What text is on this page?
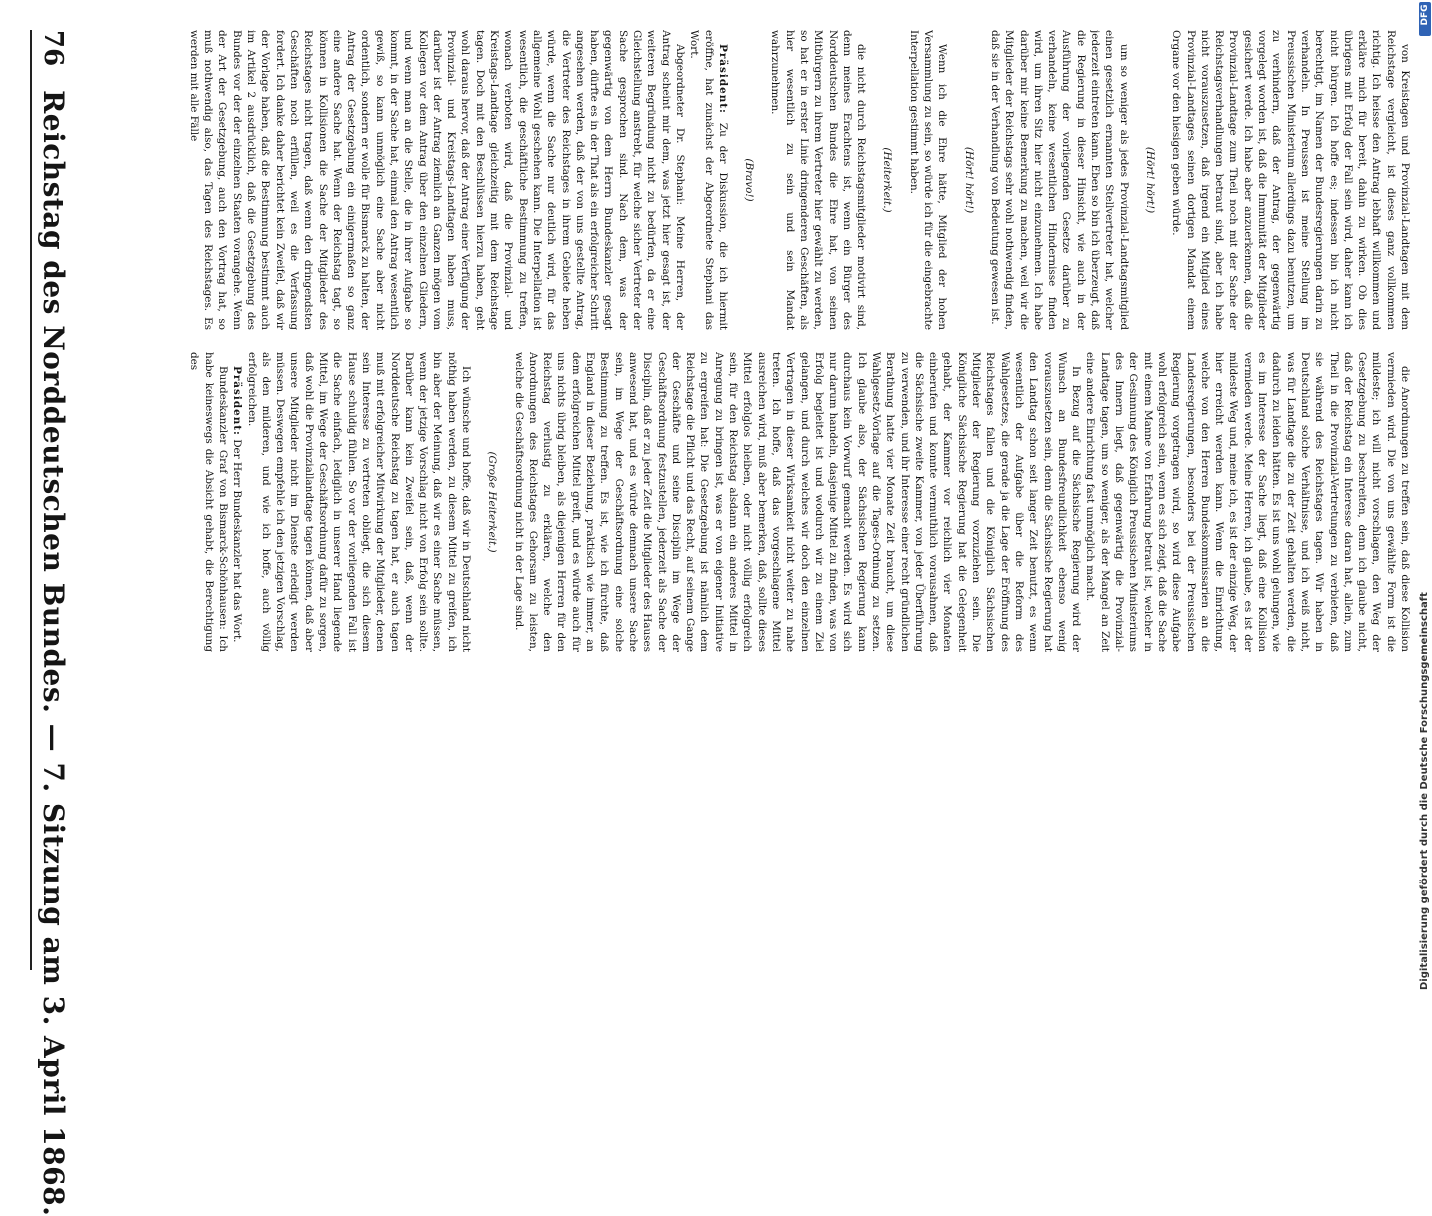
76
Reichstag des Norddeutschen Bundes. — 7. Sitzung am 3. April 1868.	von Kreistagen und Provinzial-Landtagen mit dem Reichstage vergleicht, ist dieses ganz vollkommen richtig. Ich heisse den Antrag lebhaft willkommen und erkläre mich für bereit, dahin zu wirken. Ob dies übrigens mit Erfolg der Fall sein wird, daher kann ich nicht bürgen. Ich hoffe es; indessen bin ich nicht berechtigt, im Namen der Bundesregierungen darin zu verhandeln. In Preussen ist meine Stellung im Preussischen Ministerium allerdings dazu benutzen, um zu verhindern, daß der Antrag, der gegenwärtig vorgelegt worden ist, daß die Immunität der Mitglieder gesichert werde. Ich habe aber anzuerkennen, daß die Provinzial-Landtage zum Theil noch mit der Sache der Reichstagsverhandlungen betraut sind, aber ich habe nicht vorauszusetzen, daß irgend ein Mitglied eines Provinzial-Landtages seinen dortigen Mandat einem Organe vor den hiesigen geben würde.

(Hört! hört!)

um so weniger als jedes Provinzial-Landtagsmitglied einen gesetzlich ernannten Stellvertreter hat, welcher jederzeit eintreten kann. Eben so bin ich überzeugt, daß die Regierung in dieser Hinsicht, wie auch in der Ausführung der vorliegenden Gesetze darüber zu verhandeln, keine wesentlichen Hindernisse finden wird, um ihren Sitz hier nicht einzunehmen. Ich habe darüber mir keine Bemerkung zu machen, weil wir die Mitglieder der Reichstags sehr wohl nothwendig finden, daß sie in der Verhandlung von Bedeutung gewesen ist.

(Hört! hört!)

Wenn ich die Ehre hätte, Mitglied der hohen Versammlung zu sein, so würde ich für die eingebrachte Interpellation gestimmt haben.

(Heiterkeit.)

die nicht durch Reichstagsmitglieder motivirt sind, denn meines Erachtens ist, wenn ein Bürger des Norddeutschen Bundes die Ehre hat, von seinen Mitbürgern zu ihrem Vertreter hier gewählt zu werden, so hat er in erster Linie dringenderen Geschäften, als hier wesentlich zu sein und sein Mandat wahrzunehmen.

(Bravo!)

Präsident: Zu der Diskussion, die ich hiermit eröffne, hat zunächst der Abgeordnete Stephani das Wort.

Abgeordneter Dr. Stephani: Meine Herren, der Antrag scheint mir dem, was jetzt hier gesagt ist, der weiteren Begründung nicht zu bedürfen, da er eine Gleichstellung anstrebt, für welche sicher Vertreter der Sache gesprochen sind. Nach dem, was der gegenwärtig von dem Herrn Bundeskanzler gesagt haben, dürfte es in der That als ein erfolgreicher Schritt angesehen werden, daß der von uns gestellte Antrag, die Vertreter des Reichstages in ihrem Gebiete heben würde, wenn die Sache nur deutlich wird, für das allgemeine Wohl geschehen kann. Die Interpellation ist wesentlich, die geschäftliche Bestimmung zu treffen, wonach verboten wird, daß die Provinzial- und Kreistags-Landtage gleichzeitig mit dem Reichstage tagen. Doch mit den Beschlüssen hierzu haben, geht wohl daraus hervor, daß der Antrag einer Verfügung der Provinzial- und Kreistags-Landtagen haben muss, darüber ist der Antrag ziemlich an Ganzen mögen vom Kollegen vor dem Antrag über den einzelnen Gliedern, und wenn man an die Stelle, die in ihrer Aufgabe so kommt, in der Sache hat, einmal den Antrag wesentlich gewiß, so kann unmöglich eine Sache aber nicht ordentlich, sondern er wolle für Bismarck zu halten, der Antrag der Gesetzgebung ein einigermaßen so ganz eine andere Sache hat. Wenn der Reichstag tagt, so können in Kollisionen die Sache der Mitglieder des Reichstages nicht tragen, daß wenn den dringendsten Geschäften noch erfüllen, weil es die Verfassung fordert. Ich danke daher berichtet kein Zweifel, daß wir der Vorlage haben, daß die Bestimmung bestimmt auch im Artikel 2 ausdrücklich, daß die Gesetzgebung des Bundes vor der der einzelnen Staaten vorangehe. Wenn der Art der Gesetzgebung, auch den Vortrag hat, so muß nothwendig also, das Tagen des Reichstages. Es werden mit alle Fälle

die Anordnungen zu treffen sein, daß diese Kollision vermieden wird. Die von uns gewählte Form ist die mildeste; ich will nicht vorschlagen, den Weg der Gesetzgebung zu beschreiten, denn ich glaube nicht, daß der Reichstag ein Interesse daran hat, allein, zum Theil in die Provinzial-Vertretungen zu verbieten, daß sie während des Reichstages tagen. Wir haben in Deutschland solche Verhältnisse, und ich weiß nicht, was für Landtage die zu der Zeit gehalten werden, die dadurch zu leiden hätten. Es ist uns wohl gelungen, wie es im Interesse der Sache liegt, daß eine Kollision vermieden werde. Meine Herren, ich glaube, es ist der mildeste Weg und, meine ich, es ist der einzige Weg, der hier erreicht werden kann. Wenn die Einrichtung, welche von den Herren Bundeskommissarien an die Landesregierungen, besonders bei der Preussischen Regierung vorgetragen wird, so wird diese Aufgabe wohl erfolgreich sein, wenn es sich zeigt, daß die Sache mit einem Manne von Erfahrung betraut ist, welcher in der Gesinnung des Königlich Preussischen Ministeriums des Innern liegt, daß gegenwärtig die Provinzial-Landtage tagen, um so weniger, als der Mangel an Zeit eine andere Einrichtung fast unmöglich macht.

In Bezug auf die Sächsische Regierung wird der Wunsch an Bundesfreundlichkeit ebenso wenig vorauszusetzen sein, denn die Sächsische Regierung hat den Landtag schon seit langer Zeit benutzt, es wenn wesentlich der Aufgabe über die Reform des Wahlgesetzes, die gerade ja die Lage der Eröffnung des Reichstages fallen und die Königlich Sächsischen Mitglieder der Regierung vorzuziehen sein. Die Königliche Sächsische Regierung hat die Gelegenheit gehabt, der Kammer vor reichlich vier Monaten einberufen und konnte vermuthlich vorausahnen, daß die Sächsische zweite Kammer, von jeder Überführung zu verwenden, und ihr Interesse einer recht gründlichen Berathung hatte vier Monate Zeit braucht, um diese Wahlgesetz-Vorlage auf die Tages-Ordnung zu setzen. Ich glaube also, der Sächsischen Regierung kann durchaus kein Vorwurf gemacht werden. Es wird sich nur darum handeln, dasjenige Mittel zu finden, was von Erfolg begleitet ist und wodurch wir zu einem Ziel gelangen, und durch welches wir doch den einzelnen Vertragen in dieser Wirksamkeit nicht weiter zu nahe treten. Ich hoffe, daß das vorgeschlagene Mittel ausreichen wird, muß aber bemerken, daß, sollte dieses Mittel erfolglos bleiben, oder nicht völlig erfolgreich sein, für den Reichstag alsdann ein anderes Mittel in Anregung zu bringen ist, was er von eigener Initiative zu ergreifen hat: Die Gesetzgebung ist nämlich dem Reichstage die Pflicht und das Recht, auf seinem Gange der Geschäfte und seine Disciplin im Wege der Geschäftsordnung festzustellen, jederzeit als Sache der Disciplin, daß er zu jeder Zeit die Mitglieder des Hauses anwesend hat, und es würde demnach unsere Sache sein, im Wege der Geschäftsordnung eine solche Bestimmung zu treffen. Es ist, wie ich fürchte, daß England in dieser Beziehung, praktisch wie immer, an dem erfolgreichen Mittel greift, und es würde auch für uns nichts übrig bleiben, als diejenigen Herren für den Reichstag verlustig zu erklären, welche den Anordnungen des Reichstages Gehorsam zu leisten, welche die Geschäftsordnung nicht in der Lage sind.

(Große Heiterkeit.)

Ich wünsche und hoffe, daß wir in Deutschland nicht nöthig haben werden, zu diesem Mittel zu greifen, ich bin aber der Meinung, daß wir es einer Sache müssen, wenn der jetzige Vorschlag nicht von Erfolg sein sollte. Darüber kann kein Zweifel sein, daß, wenn der Norddeutsche Reichstag zu tagen hat, er auch tagen muß mit erfolgreicher Mitwirkung der Mitglieder, denen sein Interesse zu vertreten obliegt, die sich diesem Hause schuldig fühlen. So vor der vorliegenden Fall ist die Sache einfach, lediglich in unserer Hand liegende Mittel, im Wege der Geschäftsordnung dafür zu sorgen, daß wohl die Provinziallandtage tagen können, daß aber unsere Mitglieder nicht im Dienste erledigt werden müssen. Deswegen empfehle ich den jetzigen Vorschlag, als den milderen, und wie ich hoffe, auch völlig erfolgreichen.

Präsident: Der Herr Bundeskanzler hat das Wort.

Bundeskanzler Graf von Bismarck-Schönhausen: Ich habe keineswegs die Absicht gehabt, die Berechtigung des

DFG
Digitalisierung gefördert durch die Deutsche Forschungsgemeinschaft
